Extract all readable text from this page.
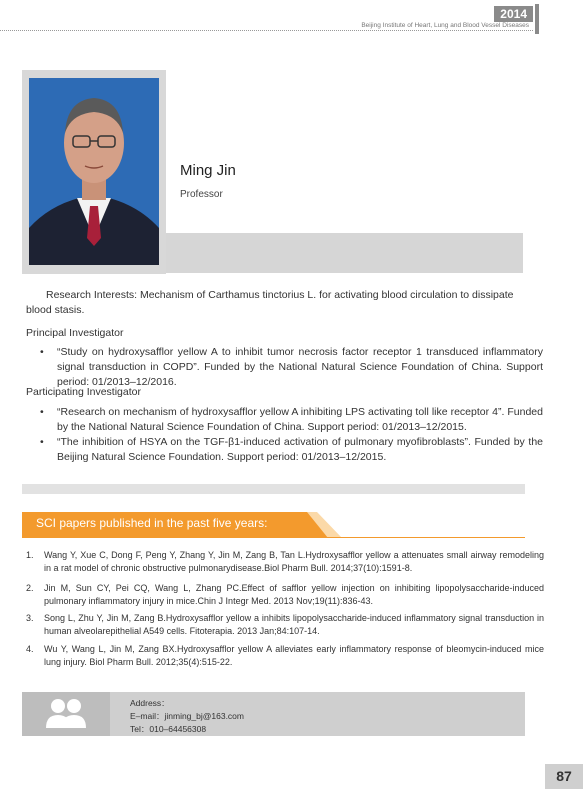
2014
Beijing Institute of Heart, Lung and Blood Vessel Diseases
Ming Jin
Professor
Research Interests: Mechanism of Carthamus tinctorius L. for activating blood circulation to dissipate blood stasis.
Principal Investigator
• “Study on hydroxysafflor yellow A to inhibit tumor necrosis factor receptor 1 transduced inflammatory signal transduction in COPD”. Funded by the National Natural Science Foundation of China. Support period: 01/2013–12/2016.
Participating Investigator
• “Research on mechanism of hydroxysafflor yellow A inhibiting LPS activating toll like receptor 4”. Funded by the National Natural Science Foundation of China. Support period: 01/2013–12/2015.
• “The inhibition of HSYA on the TGF-β1-induced activation of pulmonary myofibroblasts”. Funded by the Beijing Natural Science Foundation. Support period: 01/2013–12/2015.
SCI papers published in the past five years:
1. Wang Y, Xue C, Dong F, Peng Y, Zhang Y, Jin M, Zang B, Tan L.Hydroxysafflor yellow a attenuates small airway remodeling in a rat model of chronic obstructive pulmonarydisease.Biol Pharm Bull. 2014;37(10):1591-8.
2. Jin M, Sun CY, Pei CQ, Wang L, Zhang PC.Effect of safflor yellow injection on inhibiting lipopolysaccharide-induced pulmonary inflammatory injury in mice.Chin J Integr Med. 2013 Nov;19(11):836-43.
3. Song L, Zhu Y, Jin M, Zang B.Hydroxysafflor yellow a inhibits lipopolysaccharide-induced inflammatory signal transduction in human alveolarepithelial A549 cells. Fitoterapia. 2013 Jan;84:107-14.
4. Wu Y, Wang L, Jin M, Zang BX.Hydroxysafflor yellow A alleviates early inflammatory response of bleomycin-induced mice lung injury. Biol Pharm Bull. 2012;35(4):515-22.
Address：
E–mail：jinming_bj@163.com
Tel：010–64456308
87
